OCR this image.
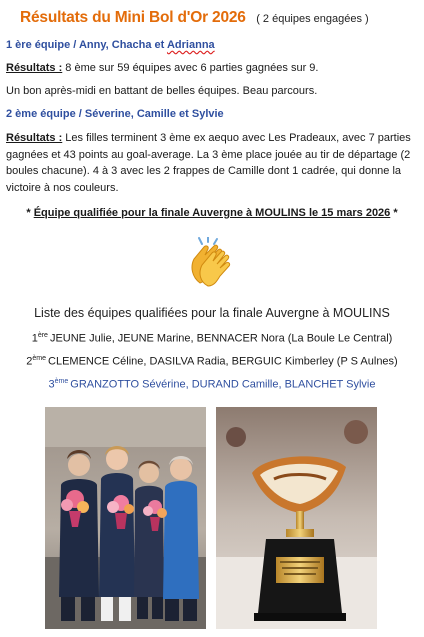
Résultats du Mini Bol d'Or 2026 ( 2 équipes engagées )
1 ère équipe / Anny, Chacha et Adrianna
Résultats : 8 ème sur 59 équipes avec 6 parties gagnées sur 9.
Un bon après-midi en battant de belles équipes. Beau parcours.
2 ème équipe / Séverine, Camille et Sylvie
Résultats : Les filles terminent 3 ème ex aequo avec Les Pradeaux, avec 7 parties gagnées et 43 points au goal-average. La 3 ème place jouée au tir de départage (2 boules chacune). 4 à 3 avec les 2 frappes de Camille dont 1 cadrée, qui donne la victoire à nos couleurs.
* Équipe qualifiée pour la finale Auvergne à MOULINS le 15 mars 2026 *
Liste des équipes qualifiées pour la finale Auvergne à MOULINS
1ère JEUNE Julie, JEUNE Marine, BENNACER Nora (La Boule Le Central)
2ème CLEMENCE Céline, DASILVA Radia, BERGUIC Kimberley (P S Aulnes)
3ème GRANZOTTO Sévérine, DURAND Camille, BLANCHET Sylvie
